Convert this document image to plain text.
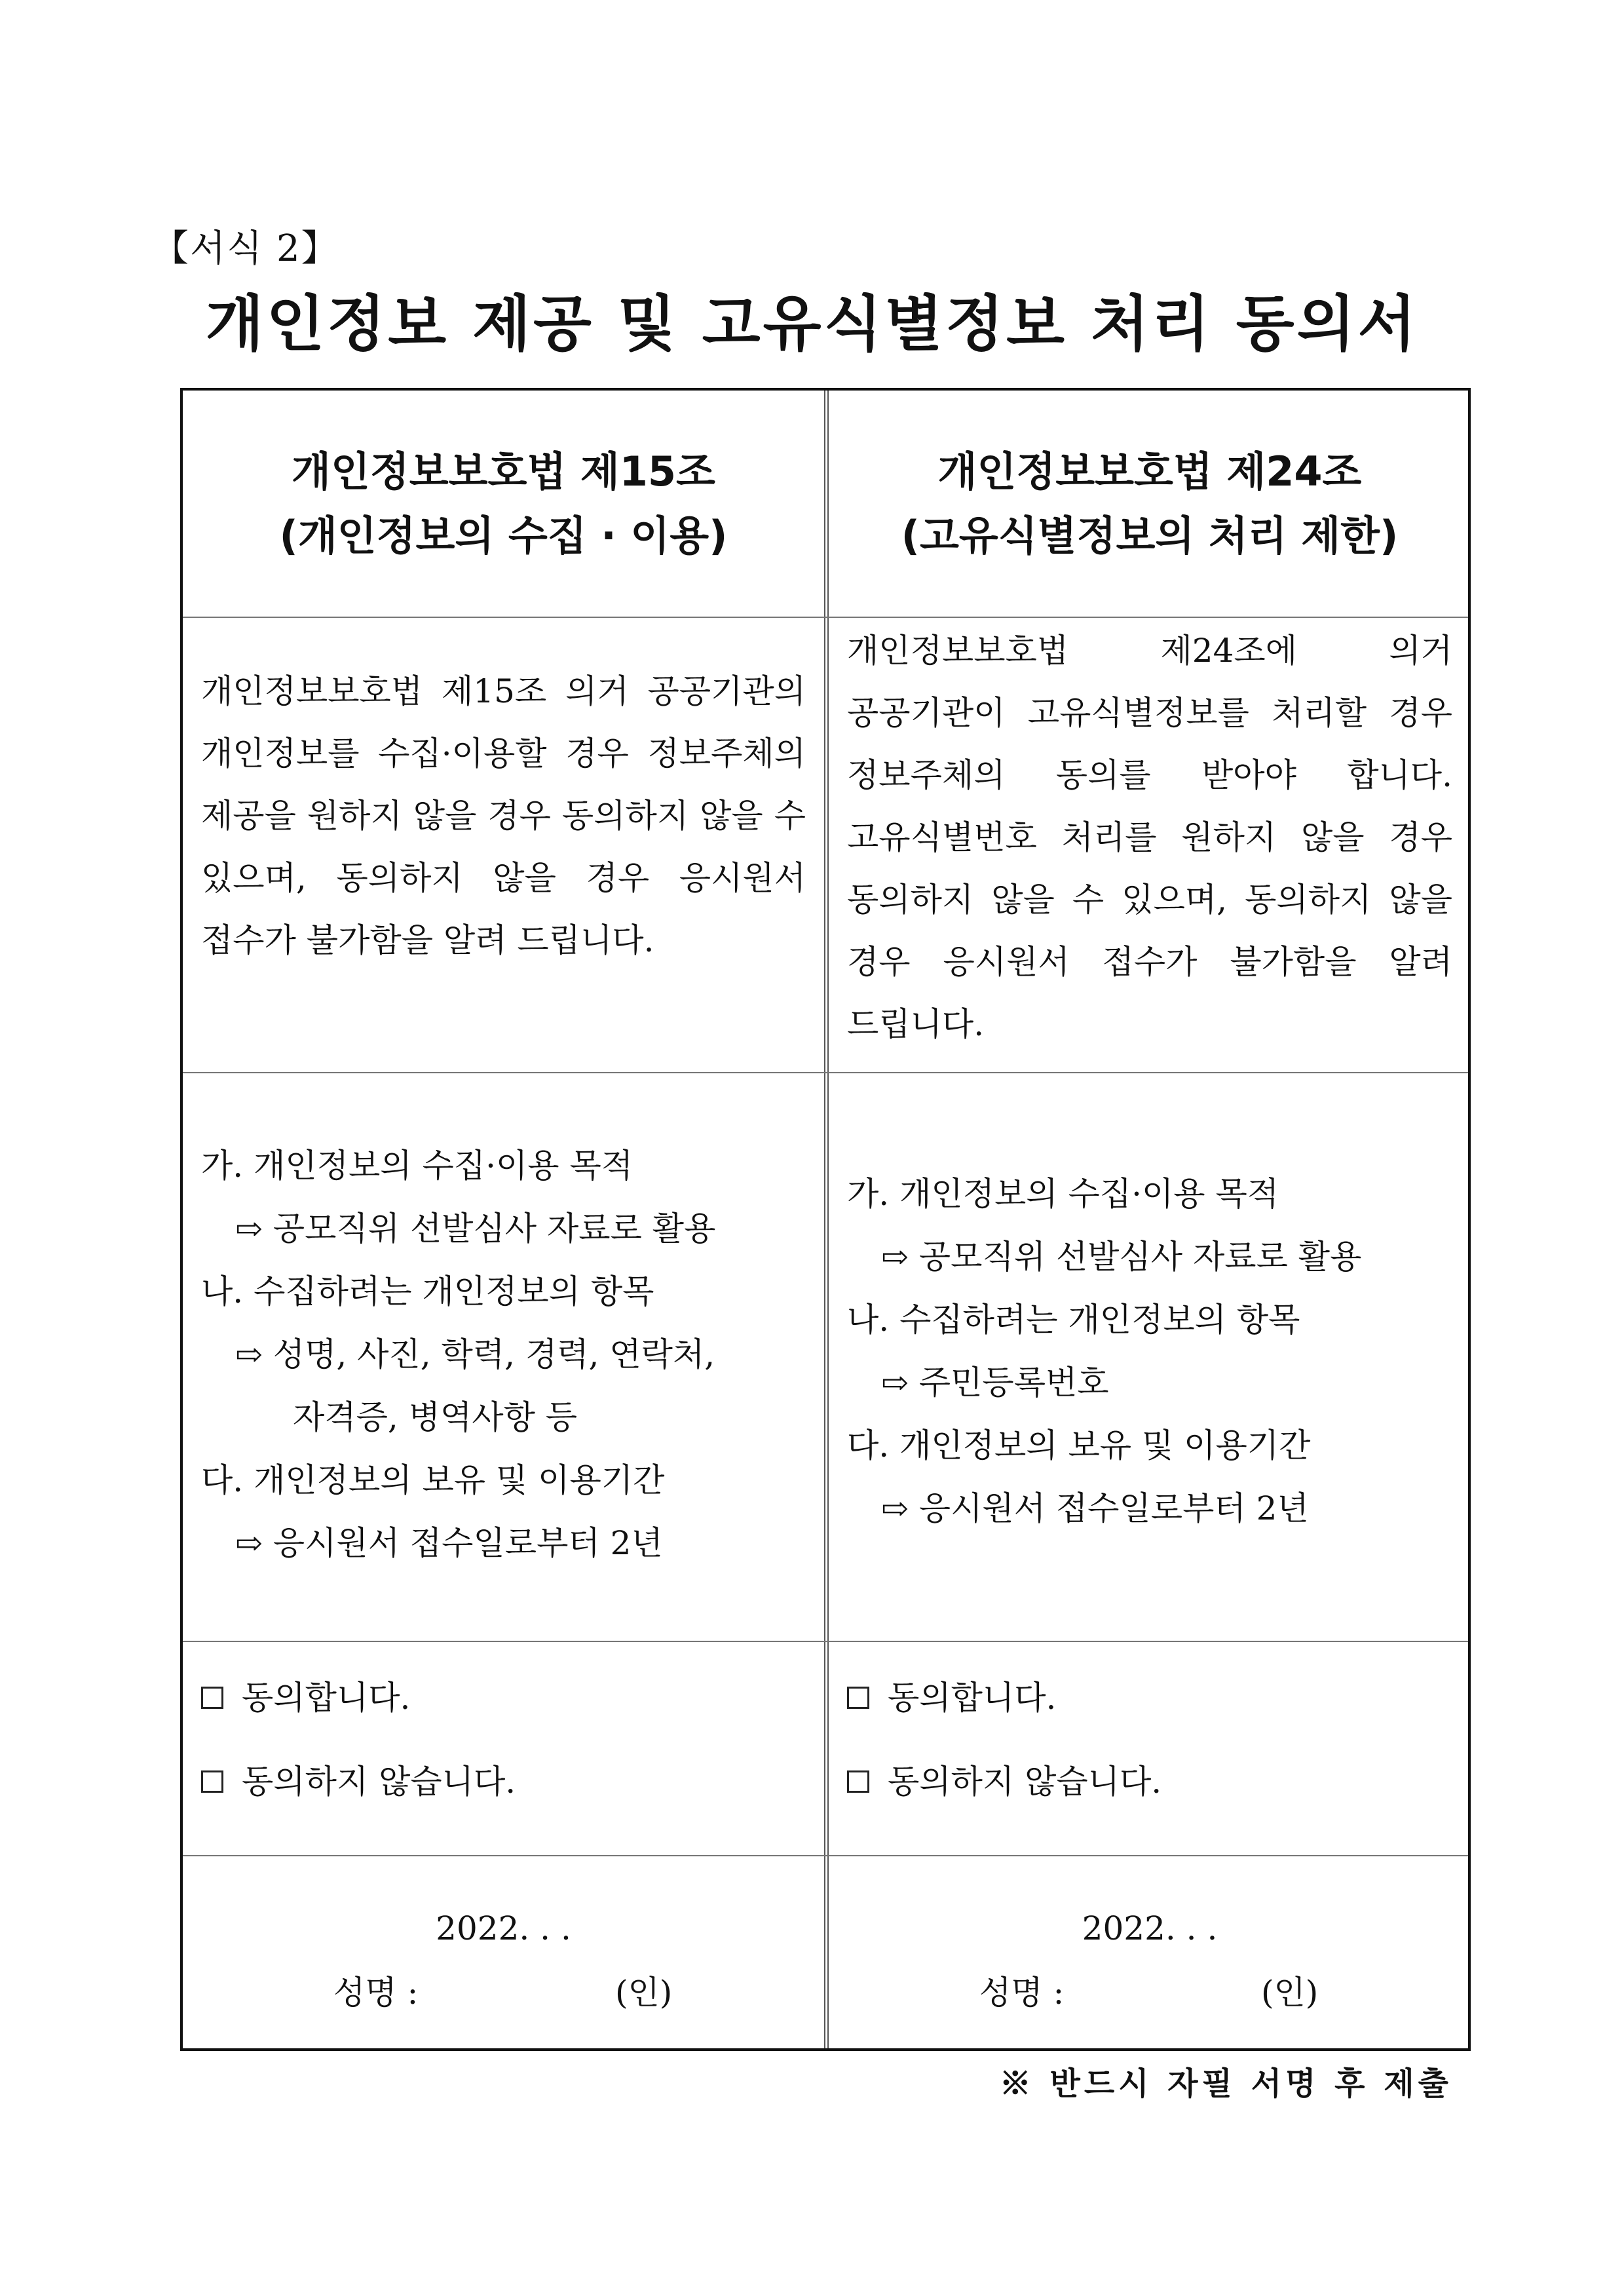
【서식 2】
개인정보 제공 및 고유식별정보 처리 동의서
개인정보보호법 제15조
(개인정보의 수집 · 이용)
개인정보보호법 제24조
(고유식별정보의 처리 제한)
개인정보보호법 제15조 의거 공공기관의 개인정보를 수집·이용할 경우 정보주체의 제공을 원하지 않을 경우 동의하지 않을 수 있으며, 동의하지 않을 경우 응시원서 접수가 불가함을 알려 드립니다.
개인정보보호법 제24조에 의거 공공기관이 고유식별정보를 처리할 경우 정보주체의 동의를 받아야 합니다. 고유식별번호 처리를 원하지 않을 경우 동의하지 않을 수 있으며, 동의하지 않을 경우 응시원서 접수가 불가함을 알려 드립니다.
가. 개인정보의 수집·이용 목적
⇨ 공모직위 선발심사 자료로 활용
나. 수집하려는 개인정보의 항목
⇨ 성명, 사진, 학력, 경력, 연락처,
자격증, 병역사항 등
다. 개인정보의 보유 및 이용기간
⇨ 응시원서 접수일로부터 2년
가. 개인정보의 수집·이용 목적
⇨ 공모직위 선발심사 자료로 활용
나. 수집하려는 개인정보의 항목
⇨ 주민등록번호
다. 개인정보의 보유 및 이용기간
⇨ 응시원서 접수일로부터 2년
동의합니다.
동의하지 않습니다.
동의합니다.
동의하지 않습니다.
2022. . .
성명 :	(인)
2022. . .
성명 :	(인)
※ 반드시 자필 서명 후 제출
